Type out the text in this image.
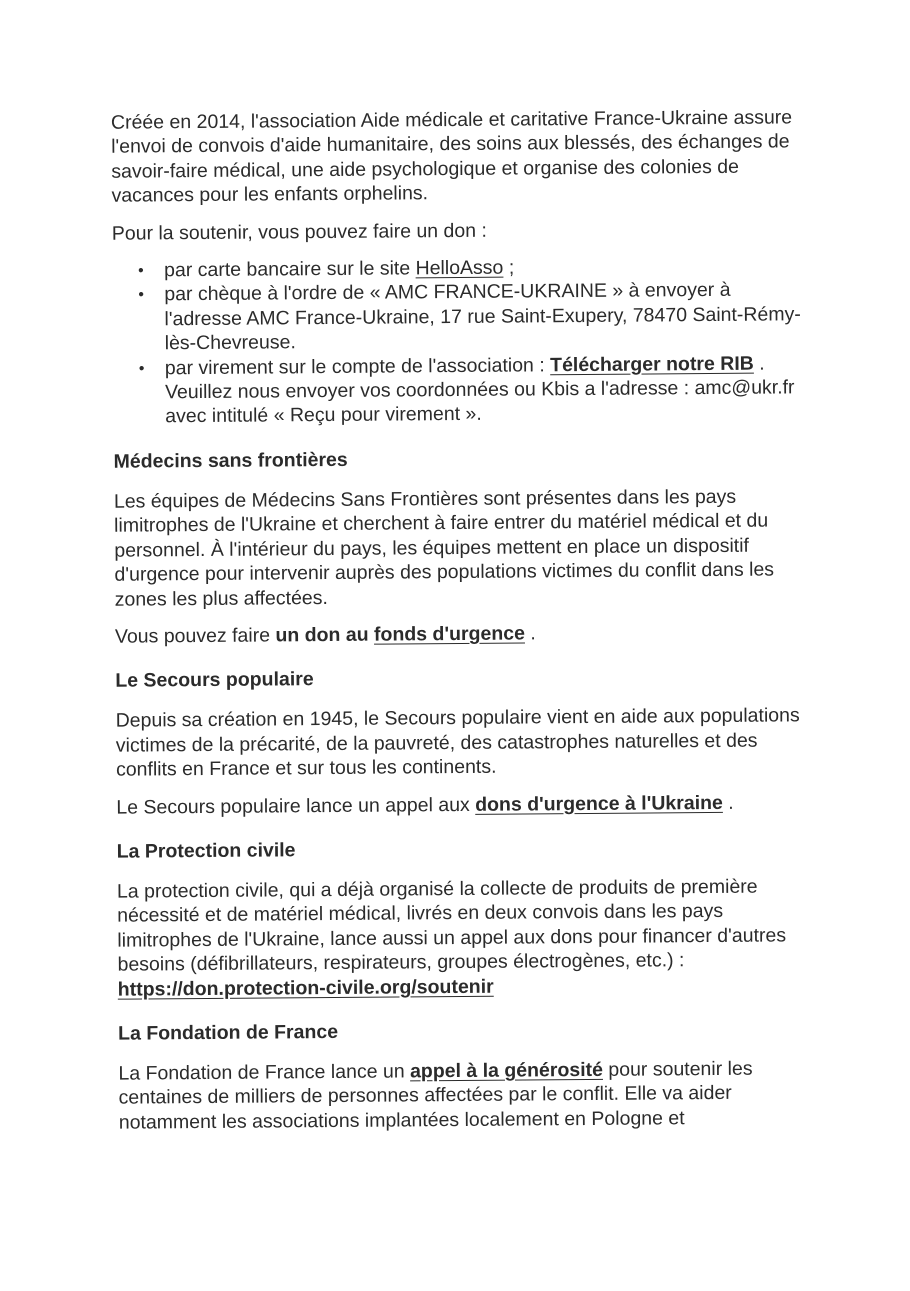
Créée en 2014, l'association Aide médicale et caritative France-Ukraine assure l'envoi de convois d'aide humanitaire, des soins aux blessés, des échanges de savoir-faire médical, une aide psychologique et organise des colonies de vacances pour les enfants orphelins.

Pour la soutenir, vous pouvez faire un don :

• par carte bancaire sur le site HelloAsso ;
• par chèque à l'ordre de « AMC FRANCE-UKRAINE » à envoyer à l'adresse AMC France-Ukraine, 17 rue Saint-Exupery, 78470 Saint-Rémy-lès-Chevreuse.
• par virement sur le compte de l'association : Télécharger notre RIB . Veuillez nous envoyer vos coordonnées ou Kbis a l'adresse : amc@ukr.fr avec intitulé « Reçu pour virement ».
Médecins sans frontières

Les équipes de Médecins Sans Frontières sont présentes dans les pays limitrophes de l'Ukraine et cherchent à faire entrer du matériel médical et du personnel. À l'intérieur du pays, les équipes mettent en place un dispositif d'urgence pour intervenir auprès des populations victimes du conflit dans les zones les plus affectées.

Vous pouvez faire un don au fonds d'urgence .

Le Secours populaire

Depuis sa création en 1945, le Secours populaire vient en aide aux populations victimes de la précarité, de la pauvreté, des catastrophes naturelles et des conflits en France et sur tous les continents.

Le Secours populaire lance un appel aux dons d'urgence à l'Ukraine .

La Protection civile

La protection civile, qui a déjà organisé la collecte de produits de première nécessité et de matériel médical, livrés en deux convois dans les pays limitrophes de l'Ukraine, lance aussi un appel aux dons pour financer d'autres besoins (défibrillateurs, respirateurs, groupes électrogènes, etc.) : https://don.protection-civile.org/soutenir

La Fondation de France

La Fondation de France lance un appel à la générosité pour soutenir les centaines de milliers de personnes affectées par le conflit. Elle va aider notamment les associations implantées localement en Pologne et
